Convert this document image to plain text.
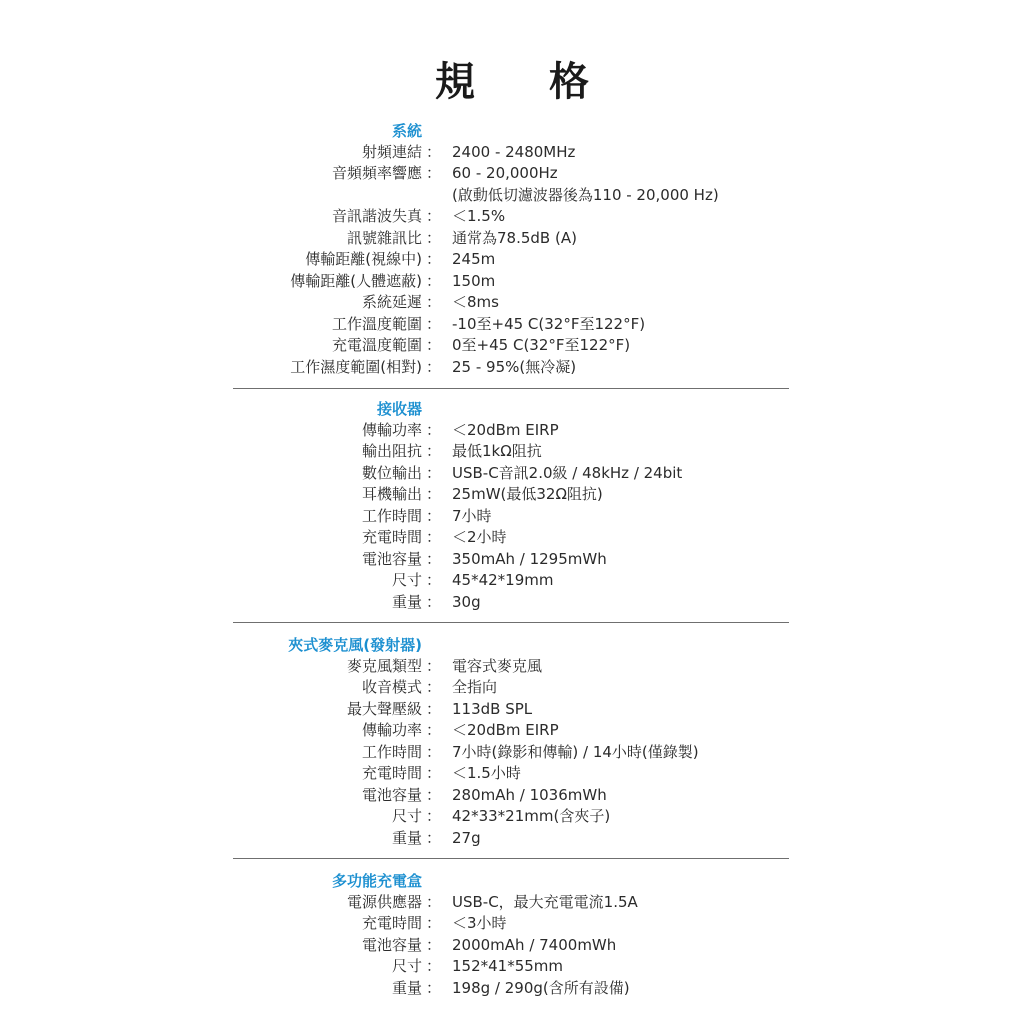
規 格
系統
射頻連結 ： 2400 - 2480MHz
音頻頻率響應 ： 60 - 20,000Hz
(啟動低切濾波器後為110 - 20,000 Hz)
音訊諧波失真 ： ＜1.5%
訊號雜訊比 ： 通常為78.5dB (A)
傳輸距離(視線中) ： 245m
傳輸距離(人體遮蔽) ： 150m
系統延遲 ： ＜8ms
工作溫度範圍 ： -10至+45 C(32°F至122°F)
充電溫度範圍 ： 0至+45 C(32°F至122°F)
工作濕度範圍(相對) ： 25 - 95%(無冷凝)
接收器
傳輸功率 ： ＜20dBm EIRP
輸出阻抗 ： 最低1kΩ阻抗
數位輸出 ： USB-C音訊2.0級 / 48kHz / 24bit
耳機輸出 ： 25mW(最低32Ω阻抗)
工作時間 ： 7小時
充電時間 ： ＜2小時
電池容量 ： 350mAh / 1295mWh
尺寸 ： 45*42*19mm
重量 ： 30g
夾式麥克風(發射器)
麥克風類型 ： 電容式麥克風
收音模式 ： 全指向
最大聲壓級 ： 113dB SPL
傳輸功率 ： ＜20dBm EIRP
工作時間 ： 7小時(錄影和傳輸) / 14小時(僅錄製)
充電時間 ： ＜1.5小時
電池容量 ： 280mAh / 1036mWh
尺寸 ： 42*33*21mm(含夾子)
重量 ： 27g
多功能充電盒
電源供應器 ： USB-C，最大充電電流1.5A
充電時間 ： ＜3小時
電池容量 ： 2000mAh / 7400mWh
尺寸 ： 152*41*55mm
重量 ： 198g / 290g(含所有設備)
